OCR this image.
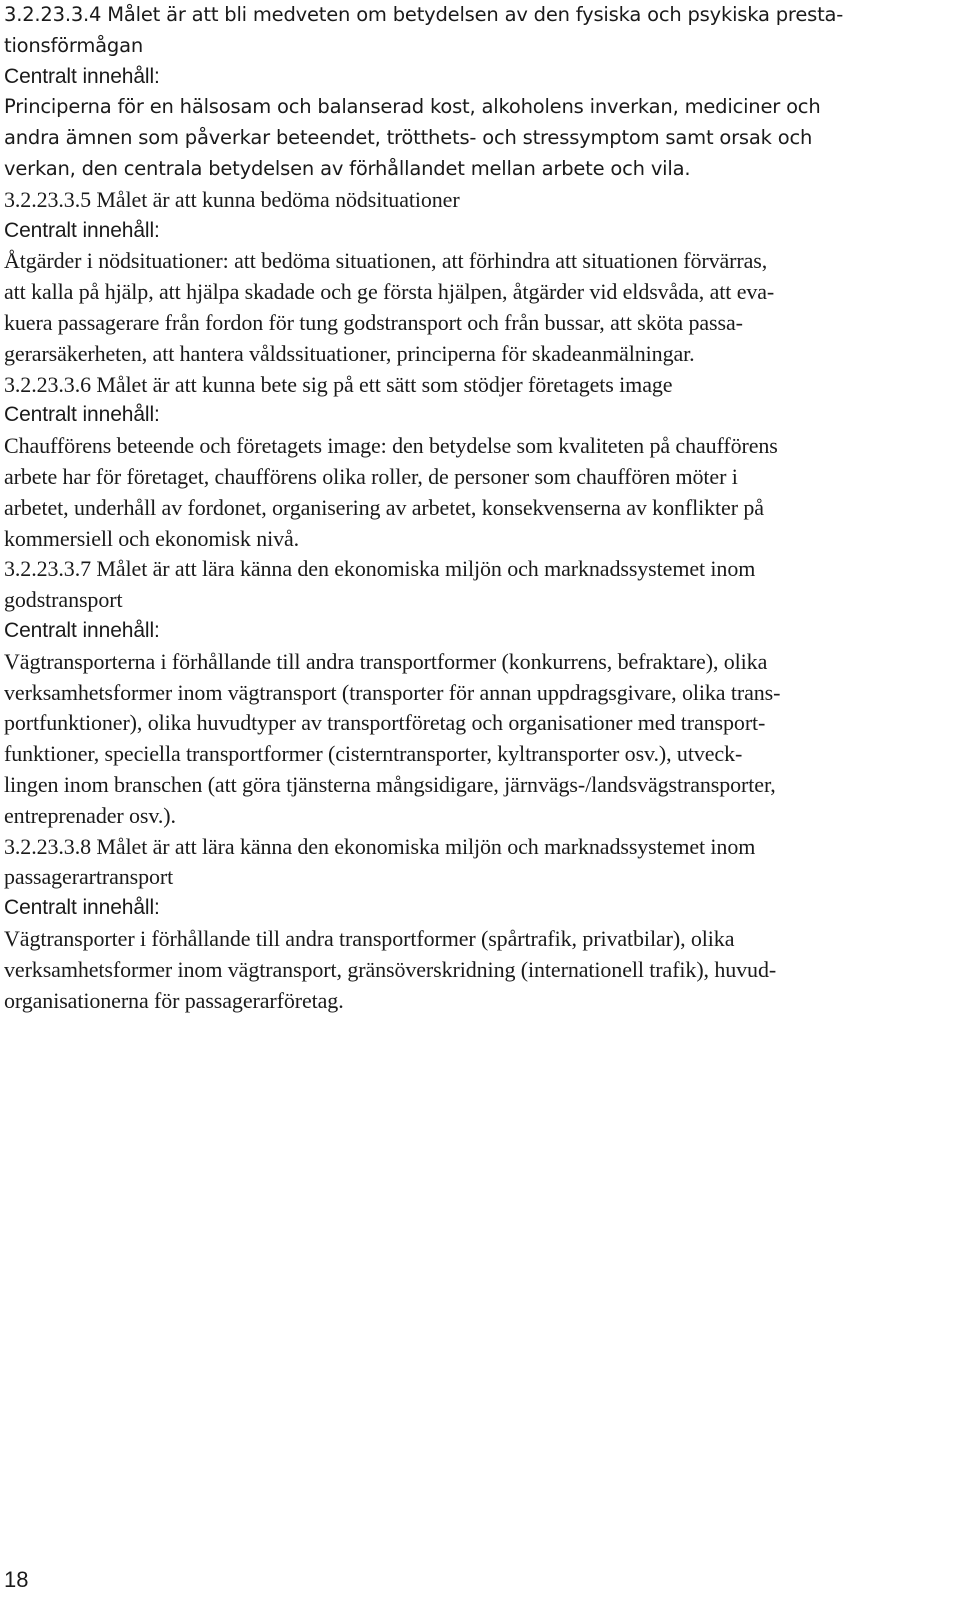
3.2.23.3.4 Målet är att bli medveten om betydelsen av den fysiska och psykiska presta-
tionsförmågan
Centralt innehåll:
Principerna för en hälsosam och balanserad kost, alkoholens inverkan, mediciner och
andra ämnen som påverkar beteendet, trötthets- och stressymptom samt orsak och
verkan, den centrala betydelsen av förhållandet mellan arbete och vila.
3.2.23.3.5 Målet är att kunna bedöma nödsituationer
Centralt innehåll:
Åtgärder i nödsituationer: att bedöma situationen, att förhindra att situationen förvärras,
att kalla på hjälp, att hjälpa skadade och ge första hjälpen, åtgärder vid eldsvåda, att eva-
kuera passagerare från fordon för tung godstransport och från bussar, att sköta passa-
gerarsäkerheten, att hantera våldssituationer, principerna för skadeanmälningar.
3.2.23.3.6 Målet är att kunna bete sig på ett sätt som stödjer företagets image
Centralt innehåll:
Chaufförens beteende och företagets image: den betydelse som kvaliteten på chaufförens
arbete har för företaget, chaufförens olika roller, de personer som chauffören möter i
arbetet, underhåll av fordonet, organisering av arbetet, konsekvenserna av konflikter på
kommersiell och ekonomisk nivå.
3.2.23.3.7 Målet är att lära känna den ekonomiska miljön och marknadssystemet inom
godstransport
Centralt innehåll:
Vägtransporterna i förhållande till andra transportformer (konkurrens, befraktare), olika
verksamhetsformer inom vägtransport (transporter för annan uppdragsgivare, olika trans-
portfunktioner), olika huvudtyper av transportföretag och organisationer med transport-
funktioner, speciella transportformer (cisterntransporter, kyltransporter osv.), utveck-
lingen inom branschen (att göra tjänsterna mångsidigare, järnvägs-/landsvägstransporter,
entreprenader osv.).
3.2.23.3.8 Målet är att lära känna den ekonomiska miljön och marknadssystemet inom
passagerartransport
Centralt innehåll:
Vägtransporter i förhållande till andra transportformer (spårtrafik, privatbilar), olika
verksamhetsformer inom vägtransport, gränsöverskridning (internationell trafik), huvud-
organisationerna för passagerarföretag.
18
